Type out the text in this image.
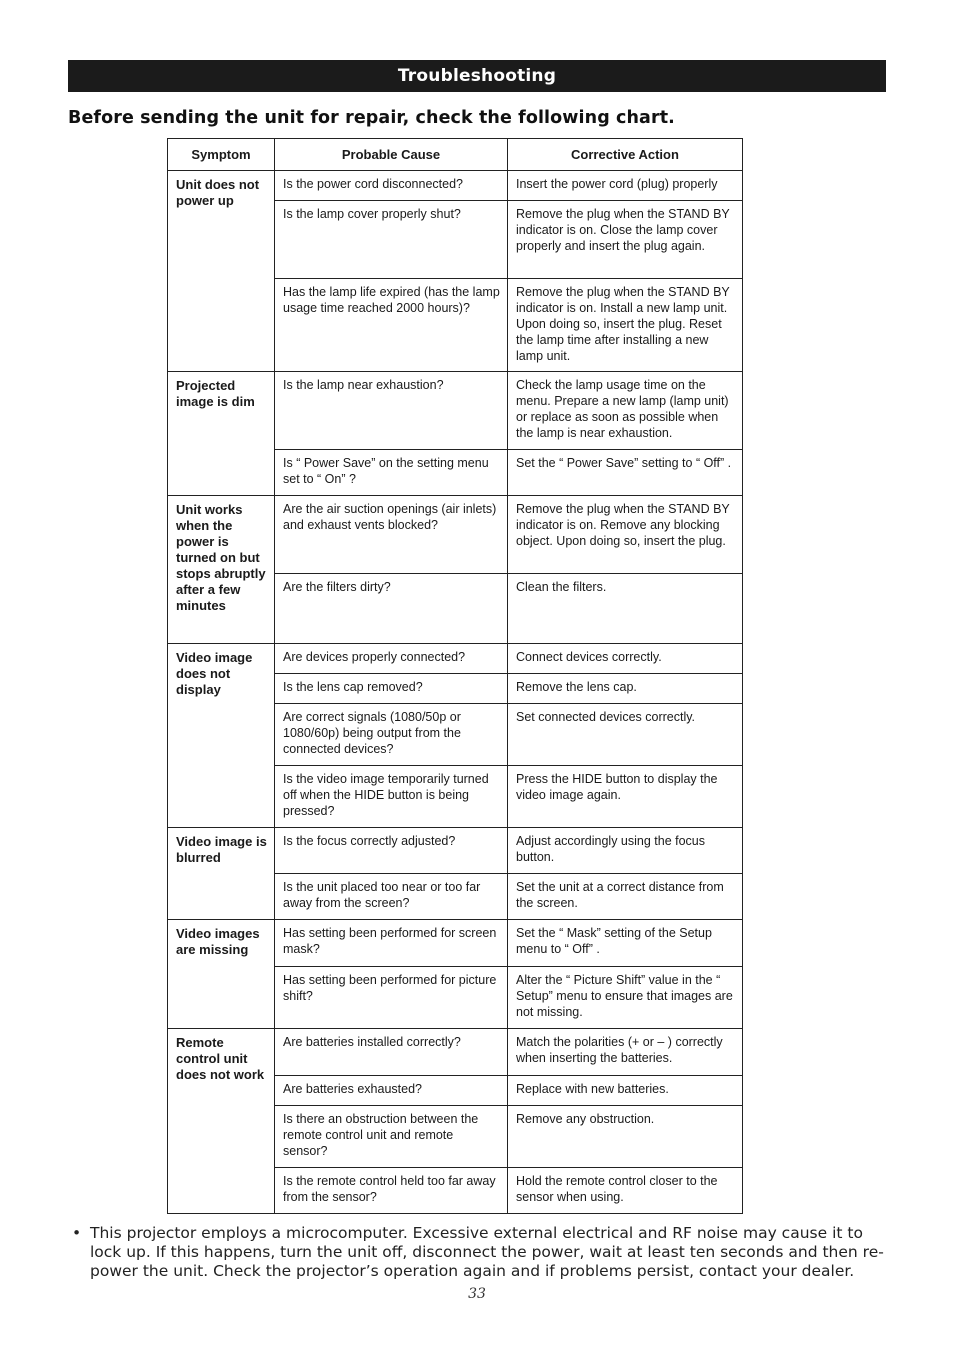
Troubleshooting
Before sending the unit for repair, check the following chart.
Symptom	Probable Cause	Corrective Action
Unit does not power up	Is the power cord disconnected?	Insert the power cord (plug) properly
	Is the lamp cover properly shut?	Remove the plug when the STAND BY indicator is on. Close the lamp cover properly and insert the plug again.
	Has the lamp life expired (has the lamp usage time reached 2000 hours)?	Remove the plug when the STAND BY indicator is on. Install a new lamp unit. Upon doing so, insert the plug. Reset the lamp time after installing a new lamp unit.
Projected image is dim	Is the lamp near exhaustion?	Check the lamp usage time on the menu. Prepare a new lamp (lamp unit) or replace as soon as possible when the lamp is near exhaustion.
	Is “ Power Save” on the setting menu set to “ On” ?	Set the “ Power Save” setting to “ Off” .
Unit works when the power is turned on but stops abruptly after a few minutes	Are the air suction openings (air inlets) and exhaust vents blocked?	Remove the plug when the STAND BY indicator is on. Remove any blocking object. Upon doing so, insert the plug.
	Are the filters dirty?	Clean the filters.
Video image does not display	Are devices properly connected?	Connect devices correctly.
	Is the lens cap removed?	Remove the lens cap.
	Are correct signals (1080/50p or 1080/60p) being output from the connected devices?	Set connected devices correctly.
	Is the video image temporarily turned off when the HIDE button is being pressed?	Press the HIDE button to display the video image again.
Video image is blurred	Is the focus correctly adjusted?	Adjust accordingly using the focus button.
	Is the unit placed too near or too far away from the screen?	Set the unit at a correct distance from the screen.
Video images are missing	Has setting been performed for screen mask?	Set the “ Mask” setting of the Setup menu to “ Off” .
	Has setting been performed for picture shift?	Alter the “ Picture Shift” value in the “ Setup” menu to ensure that images are not missing.
Remote control unit does not work	Are batteries installed correctly?	Match the polarities (+ or – ) correctly when inserting the batteries.
	Are batteries exhausted?	Replace with new batteries.
	Is there an obstruction between the remote control unit and remote sensor?	Remove any obstruction.
	Is the remote control held too far away from the sensor?	Hold the remote control closer to the sensor when using.
• This projector employs a microcomputer. Excessive external electrical and RF noise may cause it to lock up. If this happens, turn the unit off, disconnect the power, wait at least ten seconds and then re-power the unit. Check the projector’s operation again and if problems persist, contact your dealer.
33
